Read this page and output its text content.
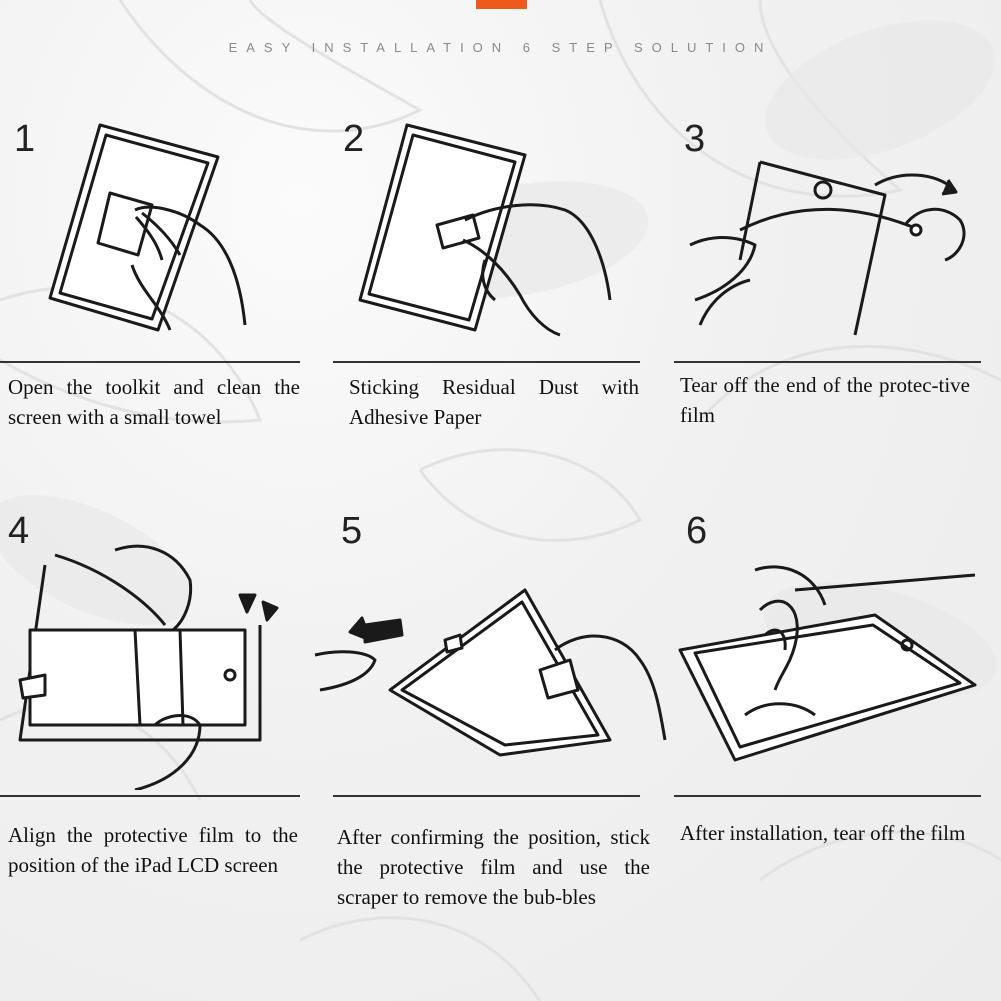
EASY INSTALLATION 6 STEP SOLUTION
1
Open the toolkit and clean the screen with a small towel
2
Sticking Residual Dust with Adhesive Paper
3
Tear off the end of the protec-tive film
4
Align the protective film to the position of the iPad LCD screen
5
After confirming the position, stick the protective film and use the scraper to remove the bub-bles
6
After installation, tear off the film
